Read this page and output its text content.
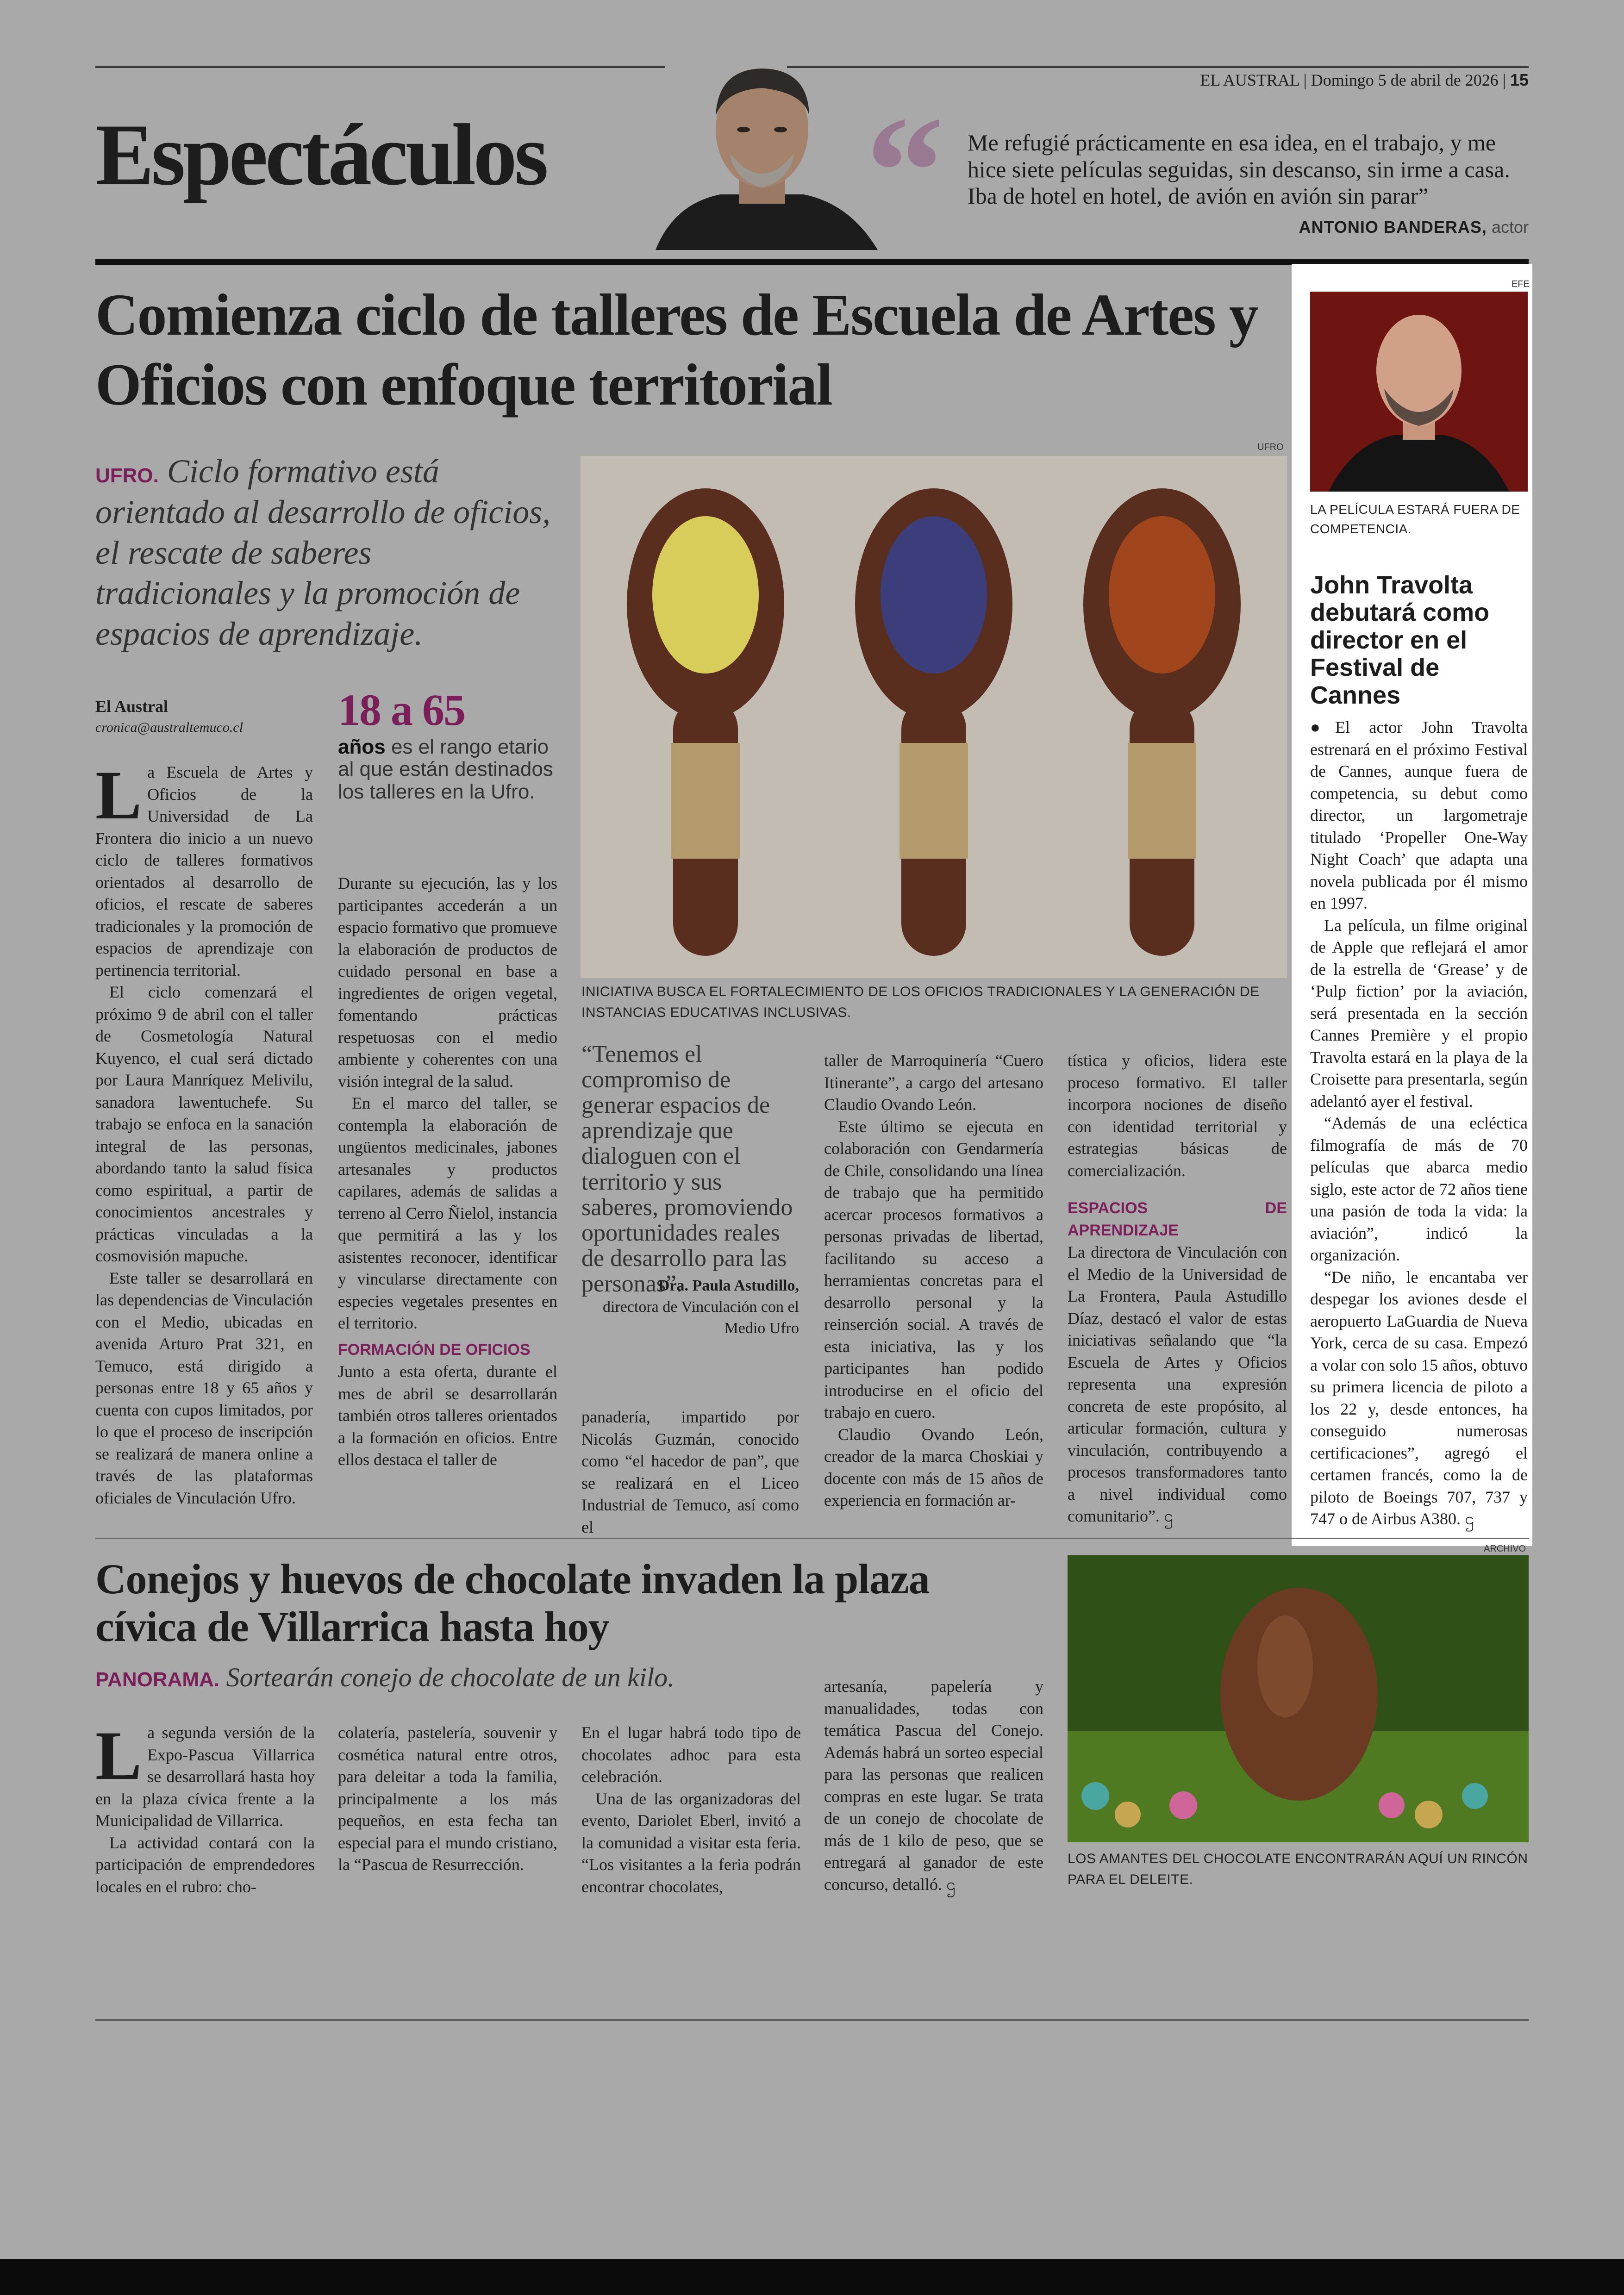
EL AUSTRAL | Domingo 5 de abril de 2026 | 15
Espectáculos “ Me refugié prácticamente en esa idea, en el trabajo, y me hice siete películas seguidas, sin descanso, sin irme a casa. Iba de hotel en hotel, de avión en avión sin parar”
ANTONIO BANDERAS, actor
Comienza ciclo de talleres de Escuela de Artes y Oficios con enfoque territorial
UFRO. Ciclo formativo está orientado al desarrollo de oficios, el rescate de saberes tradicionales y la promoción de espacios de aprendizaje.
El Austral
cronica@australtemuco.cl 18 a 65
años es el rango etario al que están destinados los talleres en la Ufro.

La Escuela de Artes y Oficios de la Universidad de La Frontera dio inicio a un nuevo ciclo de talleres formativos orientados al desarrollo de oficios, el rescate de saberes tradicionales y la promoción de espacios de aprendizaje con pertinencia territorial.

El ciclo comenzará el próximo 9 de abril con el taller de Cosmetología Natural Kuyenco, el cual será dictado por Laura Manríquez Melivilu, sanadora lawentuchefe. Su trabajo se enfoca en la sanación integral de las personas, abordando tanto la salud física como espiritual, a partir de conocimientos ancestrales y prácticas vinculadas a la cosmovisión mapuche.

Este taller se desarrollará en las dependencias de Vinculación con el Medio, ubicadas en avenida Arturo Prat 321, en Temuco, está dirigido a personas entre 18 y 65 años y cuenta con cupos limitados, por lo que el proceso de inscripción se realizará de manera online a través de las plataformas oficiales de Vinculación Ufro.

Durante su ejecución, las y los participantes accederán a un espacio formativo que promueve la elaboración de productos de cuidado personal en base a ingredientes de origen vegetal, fomentando prácticas respetuosas con el medio ambiente y coherentes con una visión integral de la salud.

En el marco del taller, se contempla la elaboración de ungüentos medicinales, jabones artesanales y productos capilares, además de salidas a terreno al Cerro Ñielol, instancia que permitirá a las y los asistentes reconocer, identificar y vincularse directamente con especies vegetales presentes en el territorio.

FORMACIÓN DE OFICIOS

Junto a esta oferta, durante el mes de abril se desarrollarán también otros talleres orientados a la formación en oficios. Entre ellos destaca el taller de

UFRO
INICIATIVA BUSCA EL FORTALECIMIENTO DE LOS OFICIOS TRADICIONALES Y LA GENERACIÓN DE INSTANCIAS EDUCATIVAS INCLUSIVAS.
“Tenemos el compromiso de generar espacios de aprendizaje que dialoguen con el territorio y sus saberes, promoviendo oportunidades reales de desarrollo para las personas”.
Dra. Paula Astudillo,
directora de Vinculación con el Medio Ufro

panadería, impartido por Nicolás Guzmán, conocido como “el hacedor de pan”, que se realizará en el Liceo Industrial de Temuco, así como el

taller de Marroquinería “Cuero Itinerante”, a cargo del artesano Claudio Ovando León.

Este último se ejecuta en colaboración con Gendarmería de Chile, consolidando una línea de trabajo que ha permitido acercar procesos formativos a personas privadas de libertad, facilitando su acceso a herramientas concretas para el desarrollo personal y la reinserción social. A través de esta iniciativa, las y los participantes han podido introducirse en el oficio del trabajo en cuero.

Claudio Ovando León, creador de la marca Choskiai y docente con más de 15 años de experiencia en formación ar-

tística y oficios, lidera este proceso formativo. El taller incorpora nociones de diseño con identidad territorial y estrategias básicas de comercialización.

ESPACIOS DE APRENDIZAJE

La directora de Vinculación con el Medio de la Universidad de La Frontera, Paula Astudillo Díaz, destacó el valor de estas iniciativas señalando que “la Escuela de Artes y Oficios representa una expresión concreta de este propósito, al articular formación, cultura y vinculación, contribuyendo a procesos transformadores tanto a nivel individual como comunitario”. ဌ

EFE
LA PELÍCULA ESTARÁ FUERA DE COMPETENCIA.
John Travolta debutará como director en el Festival de Cannes

●El actor John Travolta estrenará en el próximo Festival de Cannes, aunque fuera de competencia, su debut como director, un largometraje titulado ‘Propeller One-Way Night Coach’ que adapta una novela publicada por él mismo en 1997.

La película, un filme original de Apple que reflejará el amor de la estrella de ‘Grease’ y de ‘Pulp fiction’ por la aviación, será presentada en la sección Cannes Première y el propio Travolta estará en la playa de la Croisette para presentarla, según adelantó ayer el festival.

“Además de una ecléctica filmografía de más de 70 películas que abarca medio siglo, este actor de 72 años tiene una pasión de toda la vida: la aviación”, indicó la organización.

“De niño, le encantaba ver despegar los aviones desde el aeropuerto LaGuardia de Nueva York, cerca de su casa. Empezó a volar con solo 15 años, obtuvo su primera licencia de piloto a los 22 y, desde entonces, ha conseguido numerosas certificaciones”, agregó el certamen francés, como la de piloto de Boeings 707, 737 y 747 o de Airbus A380. ဌ

Conejos y huevos de chocolate invaden la plaza cívica de Villarrica hasta hoy
PANORAMA. Sortearán conejo de chocolate de un kilo.

La segunda versión de la Expo-Pascua Villarrica se desarrollará hasta hoy en la plaza cívica frente a la Municipalidad de Villarrica.

La actividad contará con la participación de emprendedores locales en el rubro: cho-

colatería, pastelería, souvenir y cosmética natural entre otros, para deleitar a toda la familia, principalmente a los más pequeños, en esta fecha tan especial para el mundo cristiano, la “Pascua de Resurrección.

En el lugar habrá todo tipo de chocolates adhoc para esta celebración.

Una de las organizadoras del evento, Dariolet Eberl, invitó a la comunidad a visitar esta feria. “Los visitantes a la feria podrán encontrar chocolates,

artesanía, papelería y manualidades, todas con temática Pascua del Conejo. Además habrá un sorteo especial para las personas que realicen compras en este lugar. Se trata de un conejo de chocolate de más de 1 kilo de peso, que se entregará al ganador de este concurso, detalló. ဌ

ARCHIVO
LOS AMANTES DEL CHOCOLATE ENCONTRARÁN AQUÍ UN RINCÓN PARA EL DELEITE.
